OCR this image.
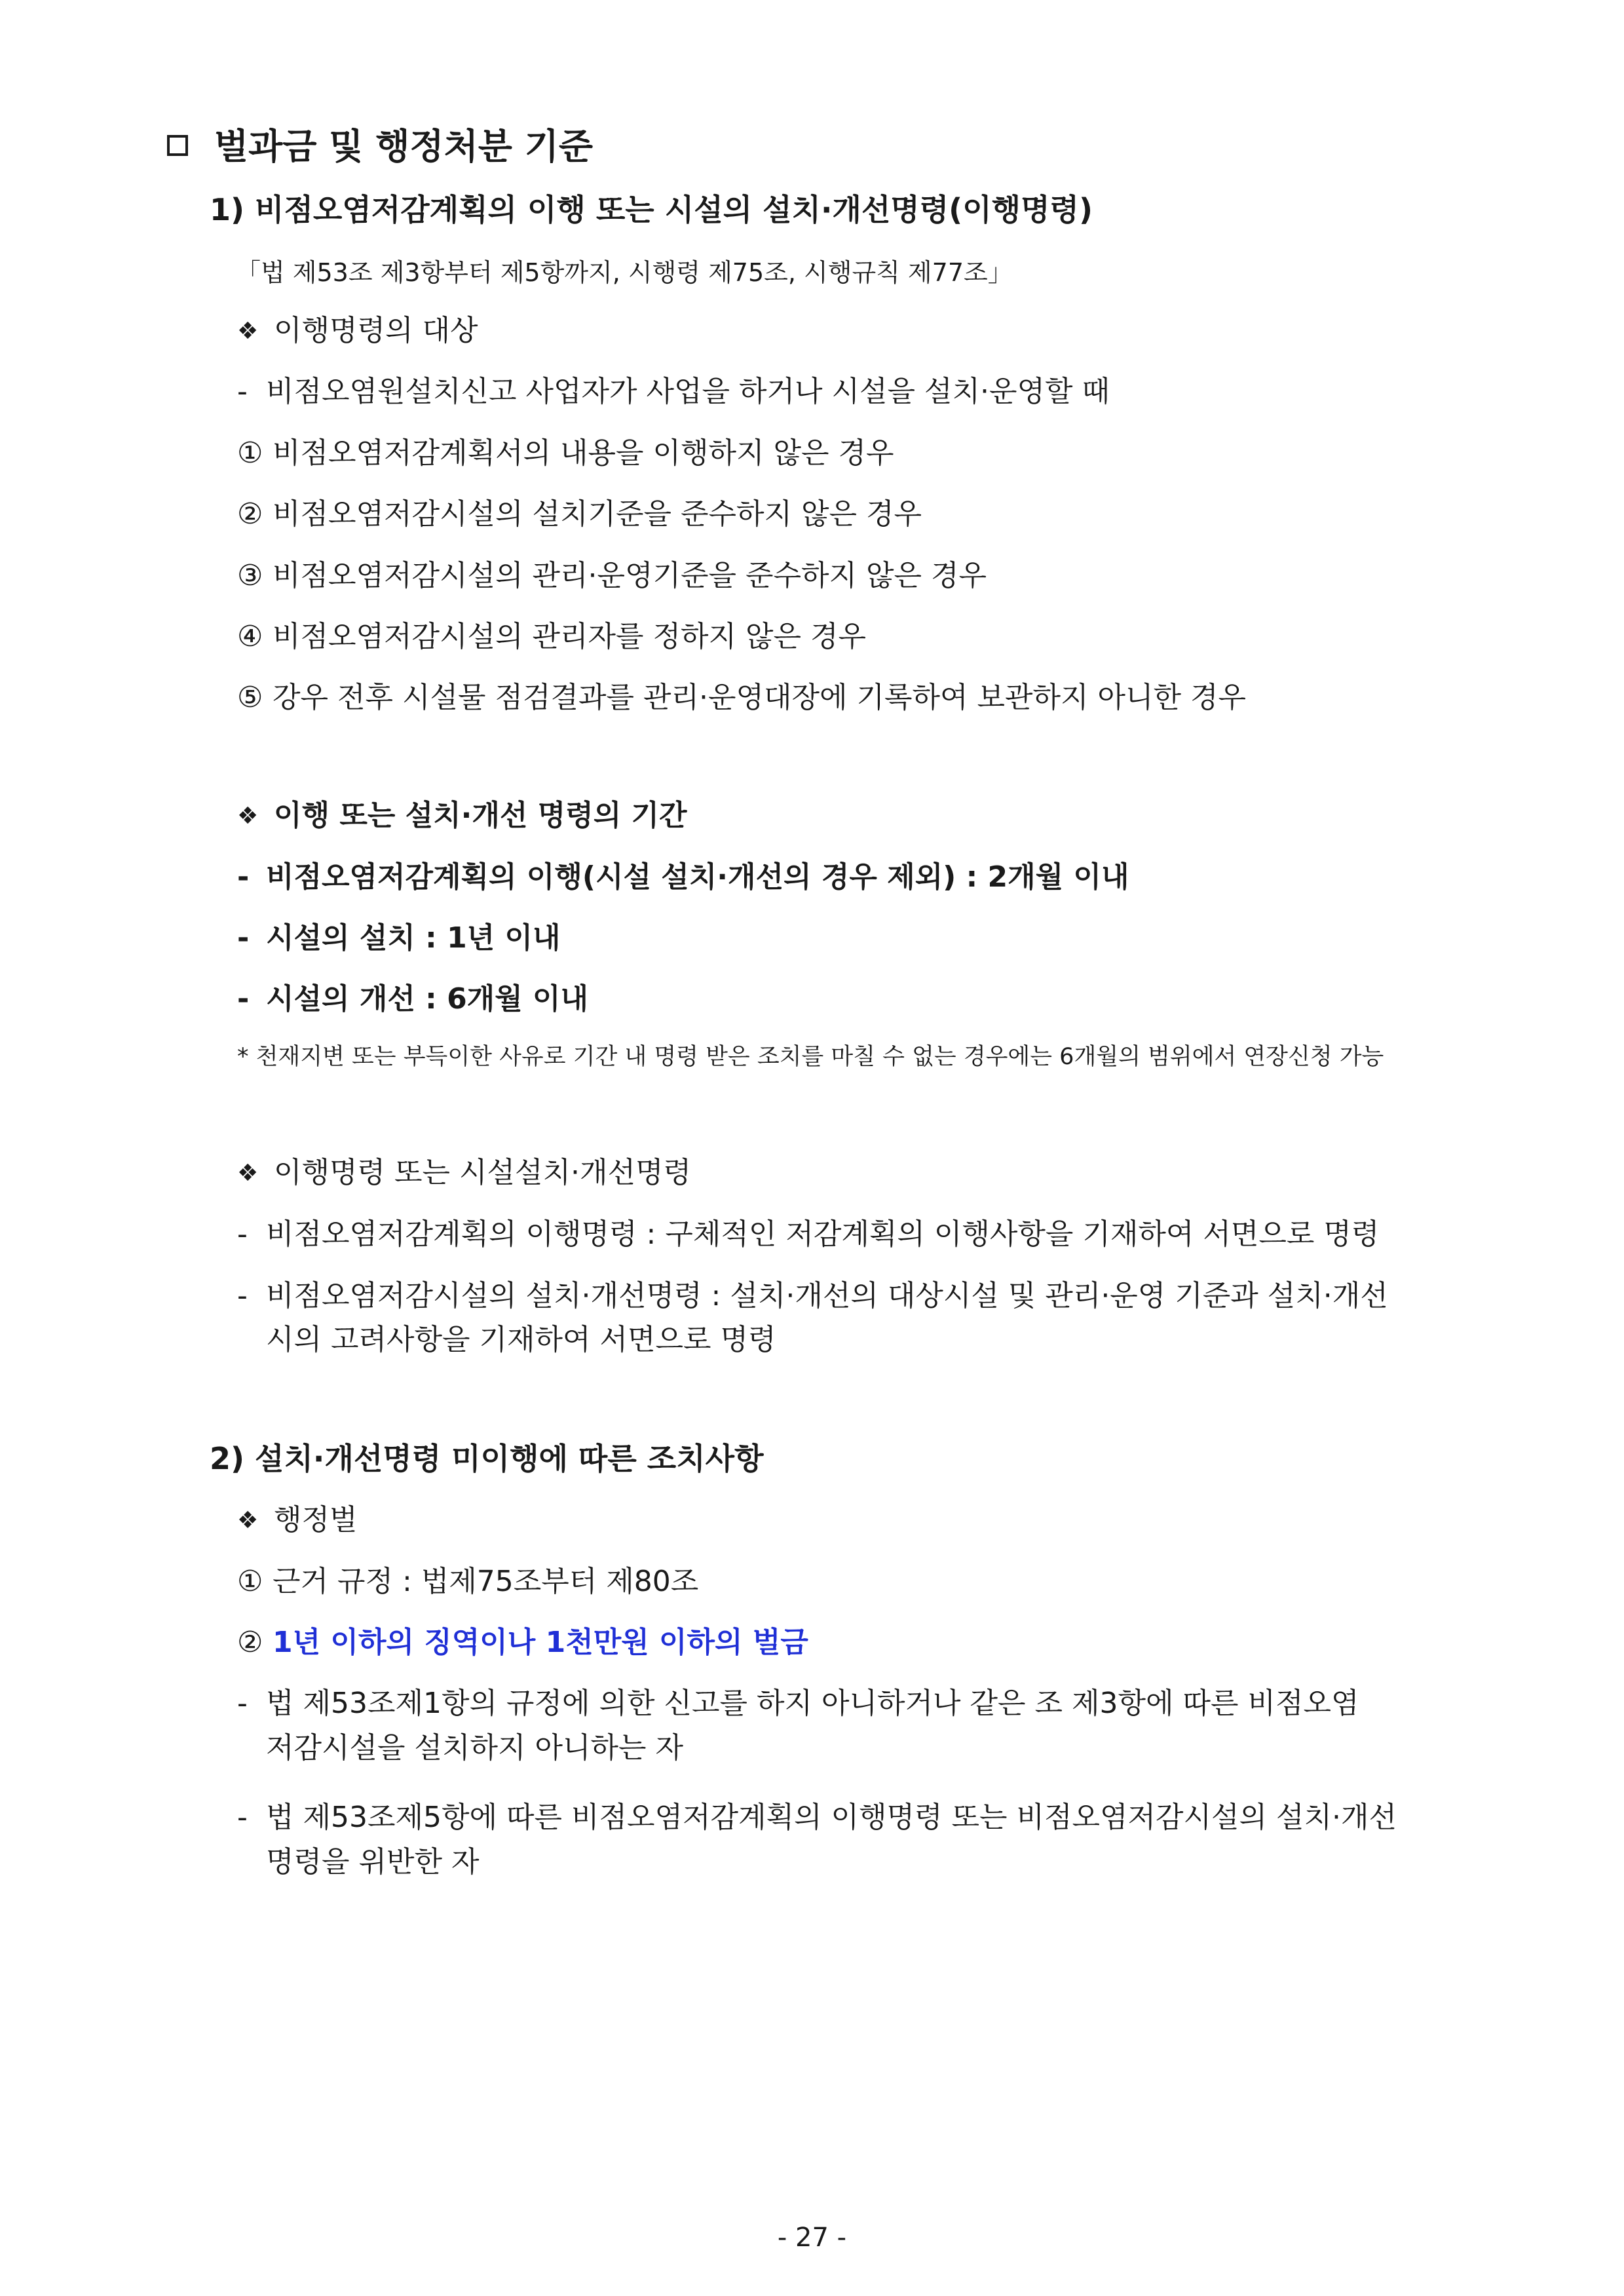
벌과금 및 행정처분 기준
1) 비점오염저감계획의 이행 또는 시설의 설치·개선명령(이행명령)
「법 제53조 제3항부터 제5항까지, 시행령 제75조, 시행규칙 제77조」
❖ 이행명령의 대상
- 비점오염원설치신고 사업자가 사업을 하거나 시설을 설치·운영할 때
① 비점오염저감계획서의 내용을 이행하지 않은 경우
② 비점오염저감시설의 설치기준을 준수하지 않은 경우
③ 비점오염저감시설의 관리·운영기준을 준수하지 않은 경우
④ 비점오염저감시설의 관리자를 정하지 않은 경우
⑤ 강우 전후 시설물 점검결과를 관리·운영대장에 기록하여 보관하지 아니한 경우
❖ 이행 또는 설치·개선 명령의 기간
- 비점오염저감계획의 이행(시설 설치·개선의 경우 제외) : 2개월 이내
- 시설의 설치 : 1년 이내
- 시설의 개선 : 6개월 이내
* 천재지변 또는 부득이한 사유로 기간 내 명령 받은 조치를 마칠 수 없는 경우에는 6개월의 범위에서 연장신청 가능
❖ 이행명령 또는 시설설치·개선명령
- 비점오염저감계획의 이행명령 : 구체적인 저감계획의 이행사항을 기재하여 서면으로 명령
- 비점오염저감시설의 설치·개선명령 : 설치·개선의 대상시설 및 관리·운영 기준과 설치·개선
시의 고려사항을 기재하여 서면으로 명령
2) 설치·개선명령 미이행에 따른 조치사항
❖ 행정벌
① 근거 규정 : 법제75조부터 제80조
② 1년 이하의 징역이나 1천만원 이하의 벌금
- 법 제53조제1항의 규정에 의한 신고를 하지 아니하거나 같은 조 제3항에 따른 비점오염
저감시설을 설치하지 아니하는 자
- 법 제53조제5항에 따른 비점오염저감계획의 이행명령 또는 비점오염저감시설의 설치·개선
명령을 위반한 자
- 27 -
